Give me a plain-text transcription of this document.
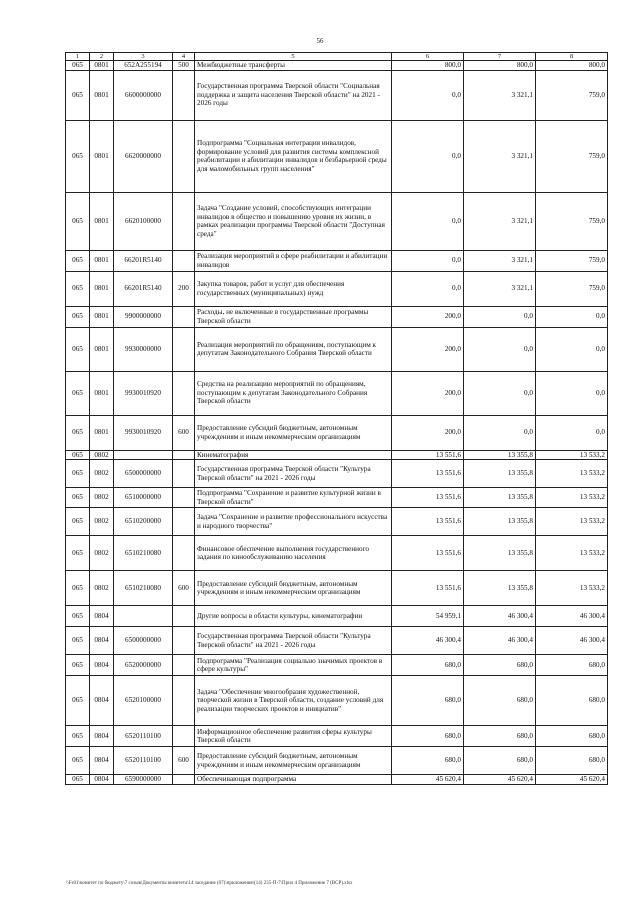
56
1	2	3	4	5	6	7	8
065	0801	652A255194	500	Межбюджетные трансферты	800,0	800,0	800,0
065	0801	6600000000		Государственная программа Тверской области "Социальная поддержка и защита населения Тверской области" на 2021 - 2026 годы	0,0	3 321,1	759,0
065	0801	6620000000		Подпрограмма "Социальная интеграция инвалидов, формирование условий для развития системы комплексной реабилитации и абилитации инвалидов и безбарьерной среды для маломобильных групп населения"	0,0	3 321,1	759,0
065	0801	6620100000		Задача "Создание условий, способствующих интеграции инвалидов в общество и повышению уровня их жизни, в рамках реализации программы Тверской области "Доступная среда"	0,0	3 321,1	759,0
065	0801	66201R5140		Реализация мероприятий в сфере реабилитации и абилитации инвалидов	0,0	3 321,1	759,0
065	0801	66201R5140	200	Закупка товаров, работ и услуг для обеспечения государственных (муниципальных) нужд	0,0	3 321,1	759,0
065	0801	9900000000		Расходы, не включенные в государственные программы Тверской области	200,0	0,0	0,0
065	0801	9930000000		Реализация мероприятий по обращениям, поступающим к депутатам Законодательного Собрания Тверской области	200,0	0,0	0,0
065	0801	9930010920		Средства на реализацию мероприятий по обращениям, поступающим к депутатам Законодательного Собрания Тверской области	200,0	0,0	0,0
065	0801	9930010920	600	Предоставление субсидий бюджетным, автономным учреждениям и иным некоммерческим организациям	200,0	0,0	0,0
065	0802			Кинематография	13 551,6	13 355,8	13 533,2
065	0802	6500000000		Государственная программа Тверской области "Культура Тверской области" на 2021 - 2026 годы	13 551,6	13 355,8	13 533,2
065	0802	6510000000		Подпрограмма "Сохранение и развитие культурной жизни в Тверской области"	13 551,6	13 355,8	13 533,2
065	0802	6510200000		Задача "Сохранение и развитие профессионального искусства и народного творчества"	13 551,6	13 355,8	13 533,2
065	0802	6510210080		Финансовое обеспечение выполнения государственного задания по кинообслуживанию населения	13 551,6	13 355,8	13 533,2
065	0802	6510210080	600	Предоставление субсидий бюджетным, автономным учреждениям и иным некоммерческим организациям	13 551,6	13 355,8	13 533,2
065	0804			Другие вопросы в области культуры, кинематографии	54 959,1	46 300,4	46 300,4
065	0804	6500000000		Государственная программа Тверской области "Культура Тверской области" на 2021 - 2026 годы	46 300,4	46 300,4	46 300,4
065	0804	6520000000		Подпрограмма "Реализация социально значимых проектов в сфере культуры"	680,0	680,0	680,0
065	0804	6520100000		Задача "Обеспечение многообразия художественной, творческой жизни в Тверской области, создание условий для реализации творческих проектов и инициатив"	680,0	680,0	680,0
065	0804	6520110100		Информационное обеспечение развития сферы культуры Тверской области	680,0	680,0	680,0
065	0804	6520110100	600	Предоставление субсидий бюджетным, автономным учреждениям и иным некоммерческим организациям	680,0	680,0	680,0
065	0804	6590000000		Обеспечивающая подпрограмма	45 620,4	45 620,4	45 620,4
\\Fs01\комитет по бюджету\7 созыв\Документы комитета\14 заседание (07)\приложения\(14) 235-П-7\Прил 4 Приложение 7 (ВСР).xlsx
